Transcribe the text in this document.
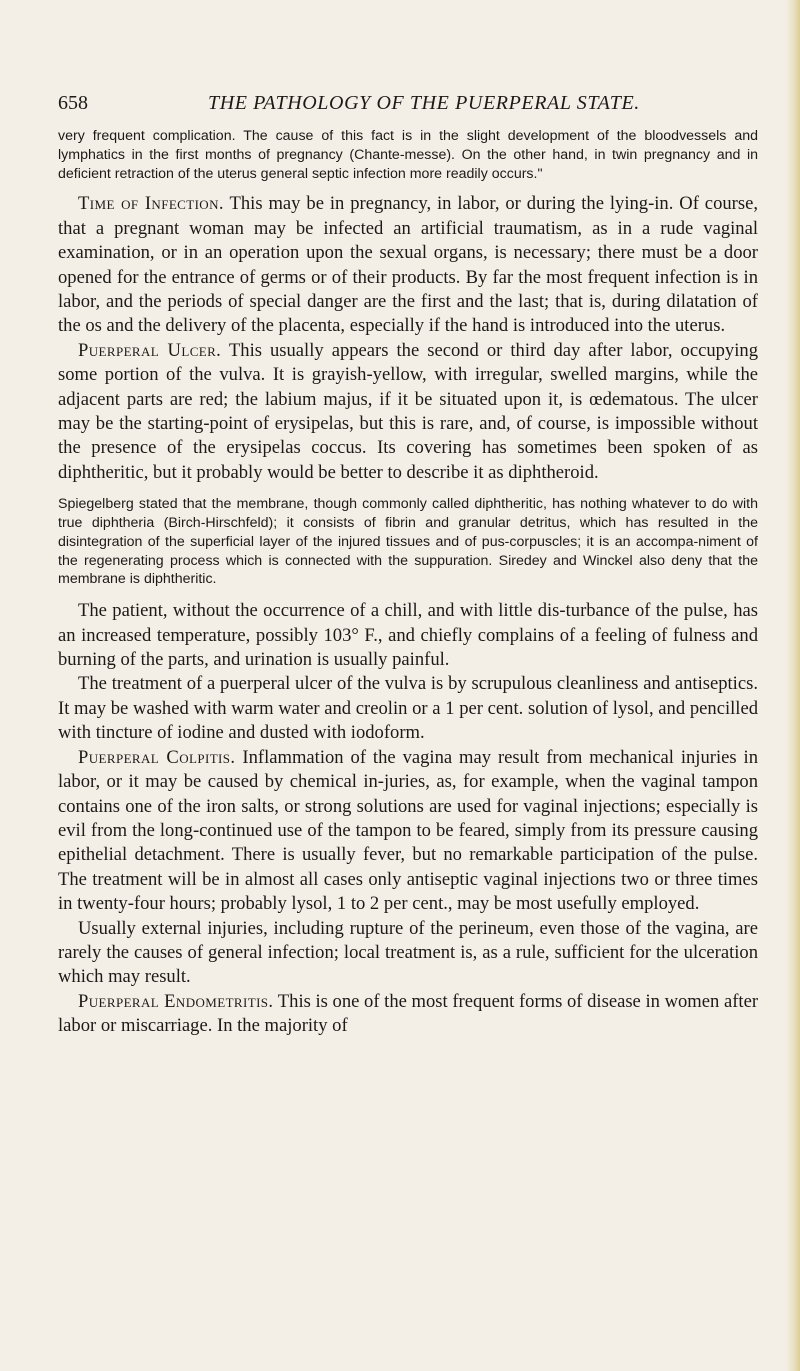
658	THE PATHOLOGY OF THE PUERPERAL STATE.

very frequent complication. The cause of this fact is in the slight development of the bloodvessels and lymphatics in the first months of pregnancy (Chante-messe). On the other hand, in twin pregnancy and in deficient retraction of the uterus general septic infection more readily occurs."

Time of Infection. This may be in pregnancy, in labor, or during the lying-in. Of course, that a pregnant woman may be infected an artificial traumatism, as in a rude vaginal examination, or in an operation upon the sexual organs, is necessary; there must be a door opened for the entrance of germs or of their products. By far the most frequent infection is in labor, and the periods of special danger are the first and the last; that is, during dilatation of the os and the delivery of the placenta, especially if the hand is introduced into the uterus.

Puerperal Ulcer. This usually appears the second or third day after labor, occupying some portion of the vulva. It is grayish-yellow, with irregular, swelled margins, while the adjacent parts are red; the labium majus, if it be situated upon it, is œdematous. The ulcer may be the starting-point of erysipelas, but this is rare, and, of course, is impossible without the presence of the erysipelas coccus. Its covering has sometimes been spoken of as diphtheritic, but it probably would be better to describe it as diphtheroid.

Spiegelberg stated that the membrane, though commonly called diphtheritic, has nothing whatever to do with true diphtheria (Birch-Hirschfeld); it consists of fibrin and granular detritus, which has resulted in the disintegration of the superficial layer of the injured tissues and of pus-corpuscles; it is an accompa-niment of the regenerating process which is connected with the suppuration. Siredey and Winckel also deny that the membrane is diphtheritic.

The patient, without the occurrence of a chill, and with little dis-turbance of the pulse, has an increased temperature, possibly 103° F., and chiefly complains of a feeling of fulness and burning of the parts, and urination is usually painful.

The treatment of a puerperal ulcer of the vulva is by scrupulous cleanliness and antiseptics. It may be washed with warm water and creolin or a 1 per cent. solution of lysol, and pencilled with tincture of iodine and dusted with iodoform.

Puerperal Colpitis. Inflammation of the vagina may result from mechanical injuries in labor, or it may be caused by chemical in-juries, as, for example, when the vaginal tampon contains one of the iron salts, or strong solutions are used for vaginal injections; especially is evil from the long-continued use of the tampon to be feared, simply from its pressure causing epithelial detachment. There is usually fever, but no remarkable participation of the pulse. The treatment will be in almost all cases only antiseptic vaginal injections two or three times in twenty-four hours; probably lysol, 1 to 2 per cent., may be most usefully employed.

Usually external injuries, including rupture of the perineum, even those of the vagina, are rarely the causes of general infection; local treatment is, as a rule, sufficient for the ulceration which may result.

Puerperal Endometritis. This is one of the most frequent forms of disease in women after labor or miscarriage. In the majority of
